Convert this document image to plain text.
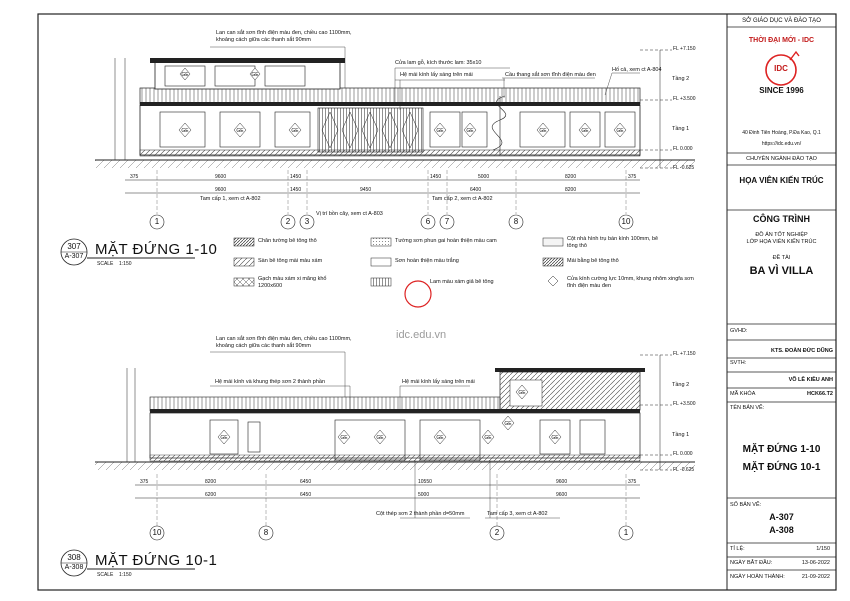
GE	GE
GE	GE	GE	GE	GE	GE	GE	GE
GE	GE	GE	GE	GE
GE
GE
GE
idc.edu.vn
307
A-307 MẶT ĐỨNG 1-10
SCALE 1:150
Lan can sắt sơn tĩnh điện màu đen, chiều cao 1100mm, khoảng cách giữa các thanh sắt 90mm
Cửa lam gỗ, kích thước lam: 35x10
Hệ mái kính lấy sáng trên mái	Cầu thang sắt sơn tĩnh điện màu đen
Hố cả, xem ct A-804
Tam cấp 1, xem ct A-802
Vị trí bồn cây, xem ct A-803
Tam cấp 2, xem ct A-802
FL +7.150
FL +3.500
FL 0.000
FL -0.625
Tầng 2
Tầng 1
375	9600	1450
9450
1450
6400
8200	375
9600	1450
5000
8200
1	2	3	6	7	8	10
Chân tường bê tông thô
Sàn bê tông mài màu xám
Gạch màu xám xi măng khổ 1200x600
Tường sơn phun gai hoàn thiện màu cam
Sơn hoàn thiện màu trắng
Lam màu xám giả bê tông
Cột nhà hình trụ bán kính 100mm, bê tông thô
Mái bằng bê tông thô
Cửa kính cường lực 10mm, khung nhôm xingfa sơn tĩnh điện màu đen
308
A-308 MẶT ĐỨNG 10-1
SCALE 1:150
Lan can sắt sơn tĩnh điện màu đen, chiều cao 1100mm, khoảng cách giữa các thanh sắt 90mm
Hệ mái kính và khung thép sơn 2 thành phần	Hệ mái kính lấy sáng trên mái
Cột thép sơn 2 thành phần d=50mm	Tam cấp 3, xem ct A-802
FL +7.150
FL +3.500
FL 0.000
FL -0.625
Tầng 2
Tầng 1
375	8200	6450	10550	9600	375
6200	6450	5000	9600
10	8	2	1
SỞ GIÁO DỤC VÀ ĐÀO TẠO
THỜI ĐẠI MỚI - IDC
IDC
SINCE 1996
40 Đinh Tiên Hoàng, P.Đa Kao, Q.1
https://idc.edu.vn/
CHUYÊN NGÀNH ĐÀO TẠO
HỌA VIÊN KIẾN TRÚC
CÔNG TRÌNH
ĐỒ ÁN TỐT NGHIỆP
LỚP HỌA VIÊN KIẾN TRÚC
ĐỀ TÀI
BA VÌ VILLA
GVHD:
KTS. ĐOÀN ĐỨC DŨNG
SVTH:
VÕ LÊ KIỀU ANH
MÃ KHÓA	HCK66.T2
TÊN BẢN VẼ:
MẶT ĐỨNG 1-10
MẶT ĐỨNG 10-1
SỐ BẢN VẼ:
A-307
A-308
TỈ LỆ:	1/150
NGÀY BẮT ĐẦU:	13-06-2022
NGÀY HOÀN THÀNH:	21-09-2022
